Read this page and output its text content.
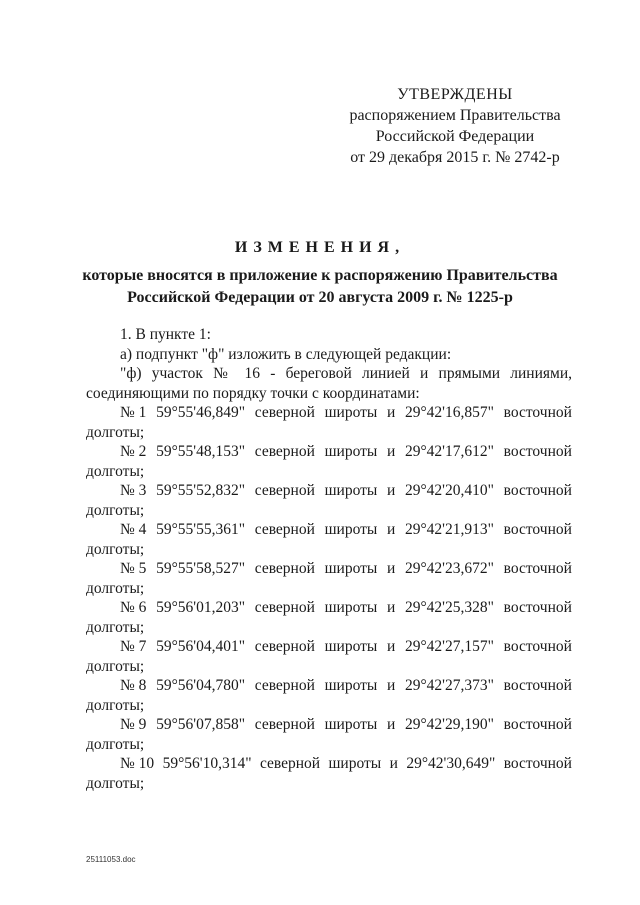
УТВЕРЖДЕНЫ
распоряжением Правительства
Российской Федерации
от 29 декабря 2015 г. № 2742-р
ИЗМЕНЕНИЯ,
которые вносятся в приложение к распоряжению Правительства
Российской Федерации от 20 августа 2009 г. № 1225-р
1. В пункте 1:
а) подпункт "ф" изложить в следующей редакции:
"ф) участок № 16 - береговой линией и прямыми линиями, соединяющими по порядку точки с координатами:
№ 1 59°55'46,849" северной широты и 29°42'16,857" восточной
долготы;
№ 2 59°55'48,153" северной широты и 29°42'17,612" восточной
долготы;
№ 3 59°55'52,832" северной широты и 29°42'20,410" восточной
долготы;
№ 4 59°55'55,361" северной широты и 29°42'21,913" восточной
долготы;
№ 5 59°55'58,527" северной широты и 29°42'23,672" восточной
долготы;
№ 6 59°56'01,203" северной широты и 29°42'25,328" восточной
долготы;
№ 7 59°56'04,401" северной широты и 29°42'27,157" восточной
долготы;
№ 8 59°56'04,780" северной широты и 29°42'27,373" восточной
долготы;
№ 9 59°56'07,858" северной широты и 29°42'29,190" восточной
долготы;
№ 10 59°56'10,314" северной широты и 29°42'30,649" восточной
долготы;
25111053.doc
